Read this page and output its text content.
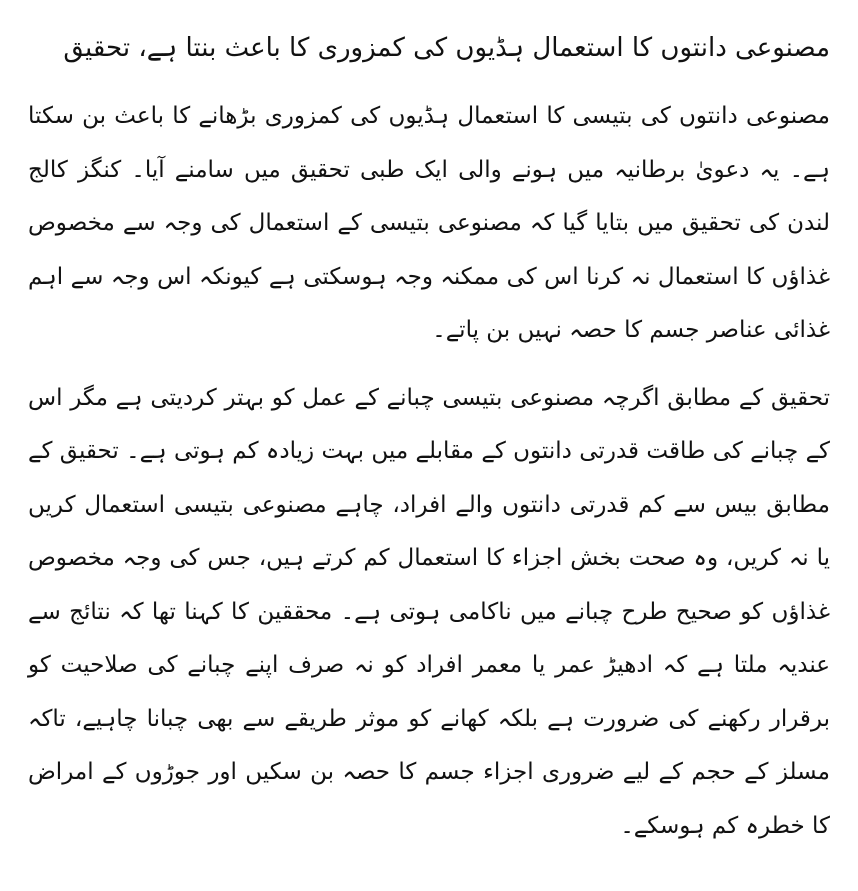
مصنوعی دانتوں کا استعمال ہڈیوں کی کمزوری کا باعث بنتا ہے، تحقیق

مصنوعی دانتوں کی بتیسی کا استعمال ہڈیوں کی کمزوری بڑھانے کا باعث بن سکتا ہے۔ یہ دعویٰ برطانیہ میں ہونے والی ایک طبی تحقیق میں سامنے آیا۔ کنگز کالج لندن کی تحقیق میں بتایا گیا کہ مصنوعی بتیسی کے استعمال کی وجہ سے مخصوص غذاؤں کا استعمال نہ کرنا اس کی ممکنہ وجہ ہوسکتی ہے کیونکہ اس وجہ سے اہم غذائی عناصر جسم کا حصہ نہیں بن پاتے۔

تحقیق کے مطابق اگرچہ مصنوعی بتیسی چبانے کے عمل کو بہتر کردیتی ہے مگر اس کے چبانے کی طاقت قدرتی دانتوں کے مقابلے میں بہت زیادہ کم ہوتی ہے۔ تحقیق کے مطابق بیس سے کم قدرتی دانتوں والے افراد، چاہے مصنوعی بتیسی استعمال کریں یا نہ کریں، وہ صحت بخش اجزاء کا استعمال کم کرتے ہیں، جس کی وجہ مخصوص غذاؤں کو صحیح طرح چبانے میں ناکامی ہوتی ہے۔ محققین کا کہنا تھا کہ نتائج سے عندیہ ملتا ہے کہ ادھیڑ عمر یا معمر افراد کو نہ صرف اپنے چبانے کی صلاحیت کو برقرار رکھنے کی ضرورت ہے بلکہ کھانے کو موثر طریقے سے بھی چبانا چاہیے، تاکہ مسلز کے حجم کے لیے ضروری اجزاء جسم کا حصہ بن سکیں اور جوڑوں کے امراض کا خطرہ کم ہوسکے۔
